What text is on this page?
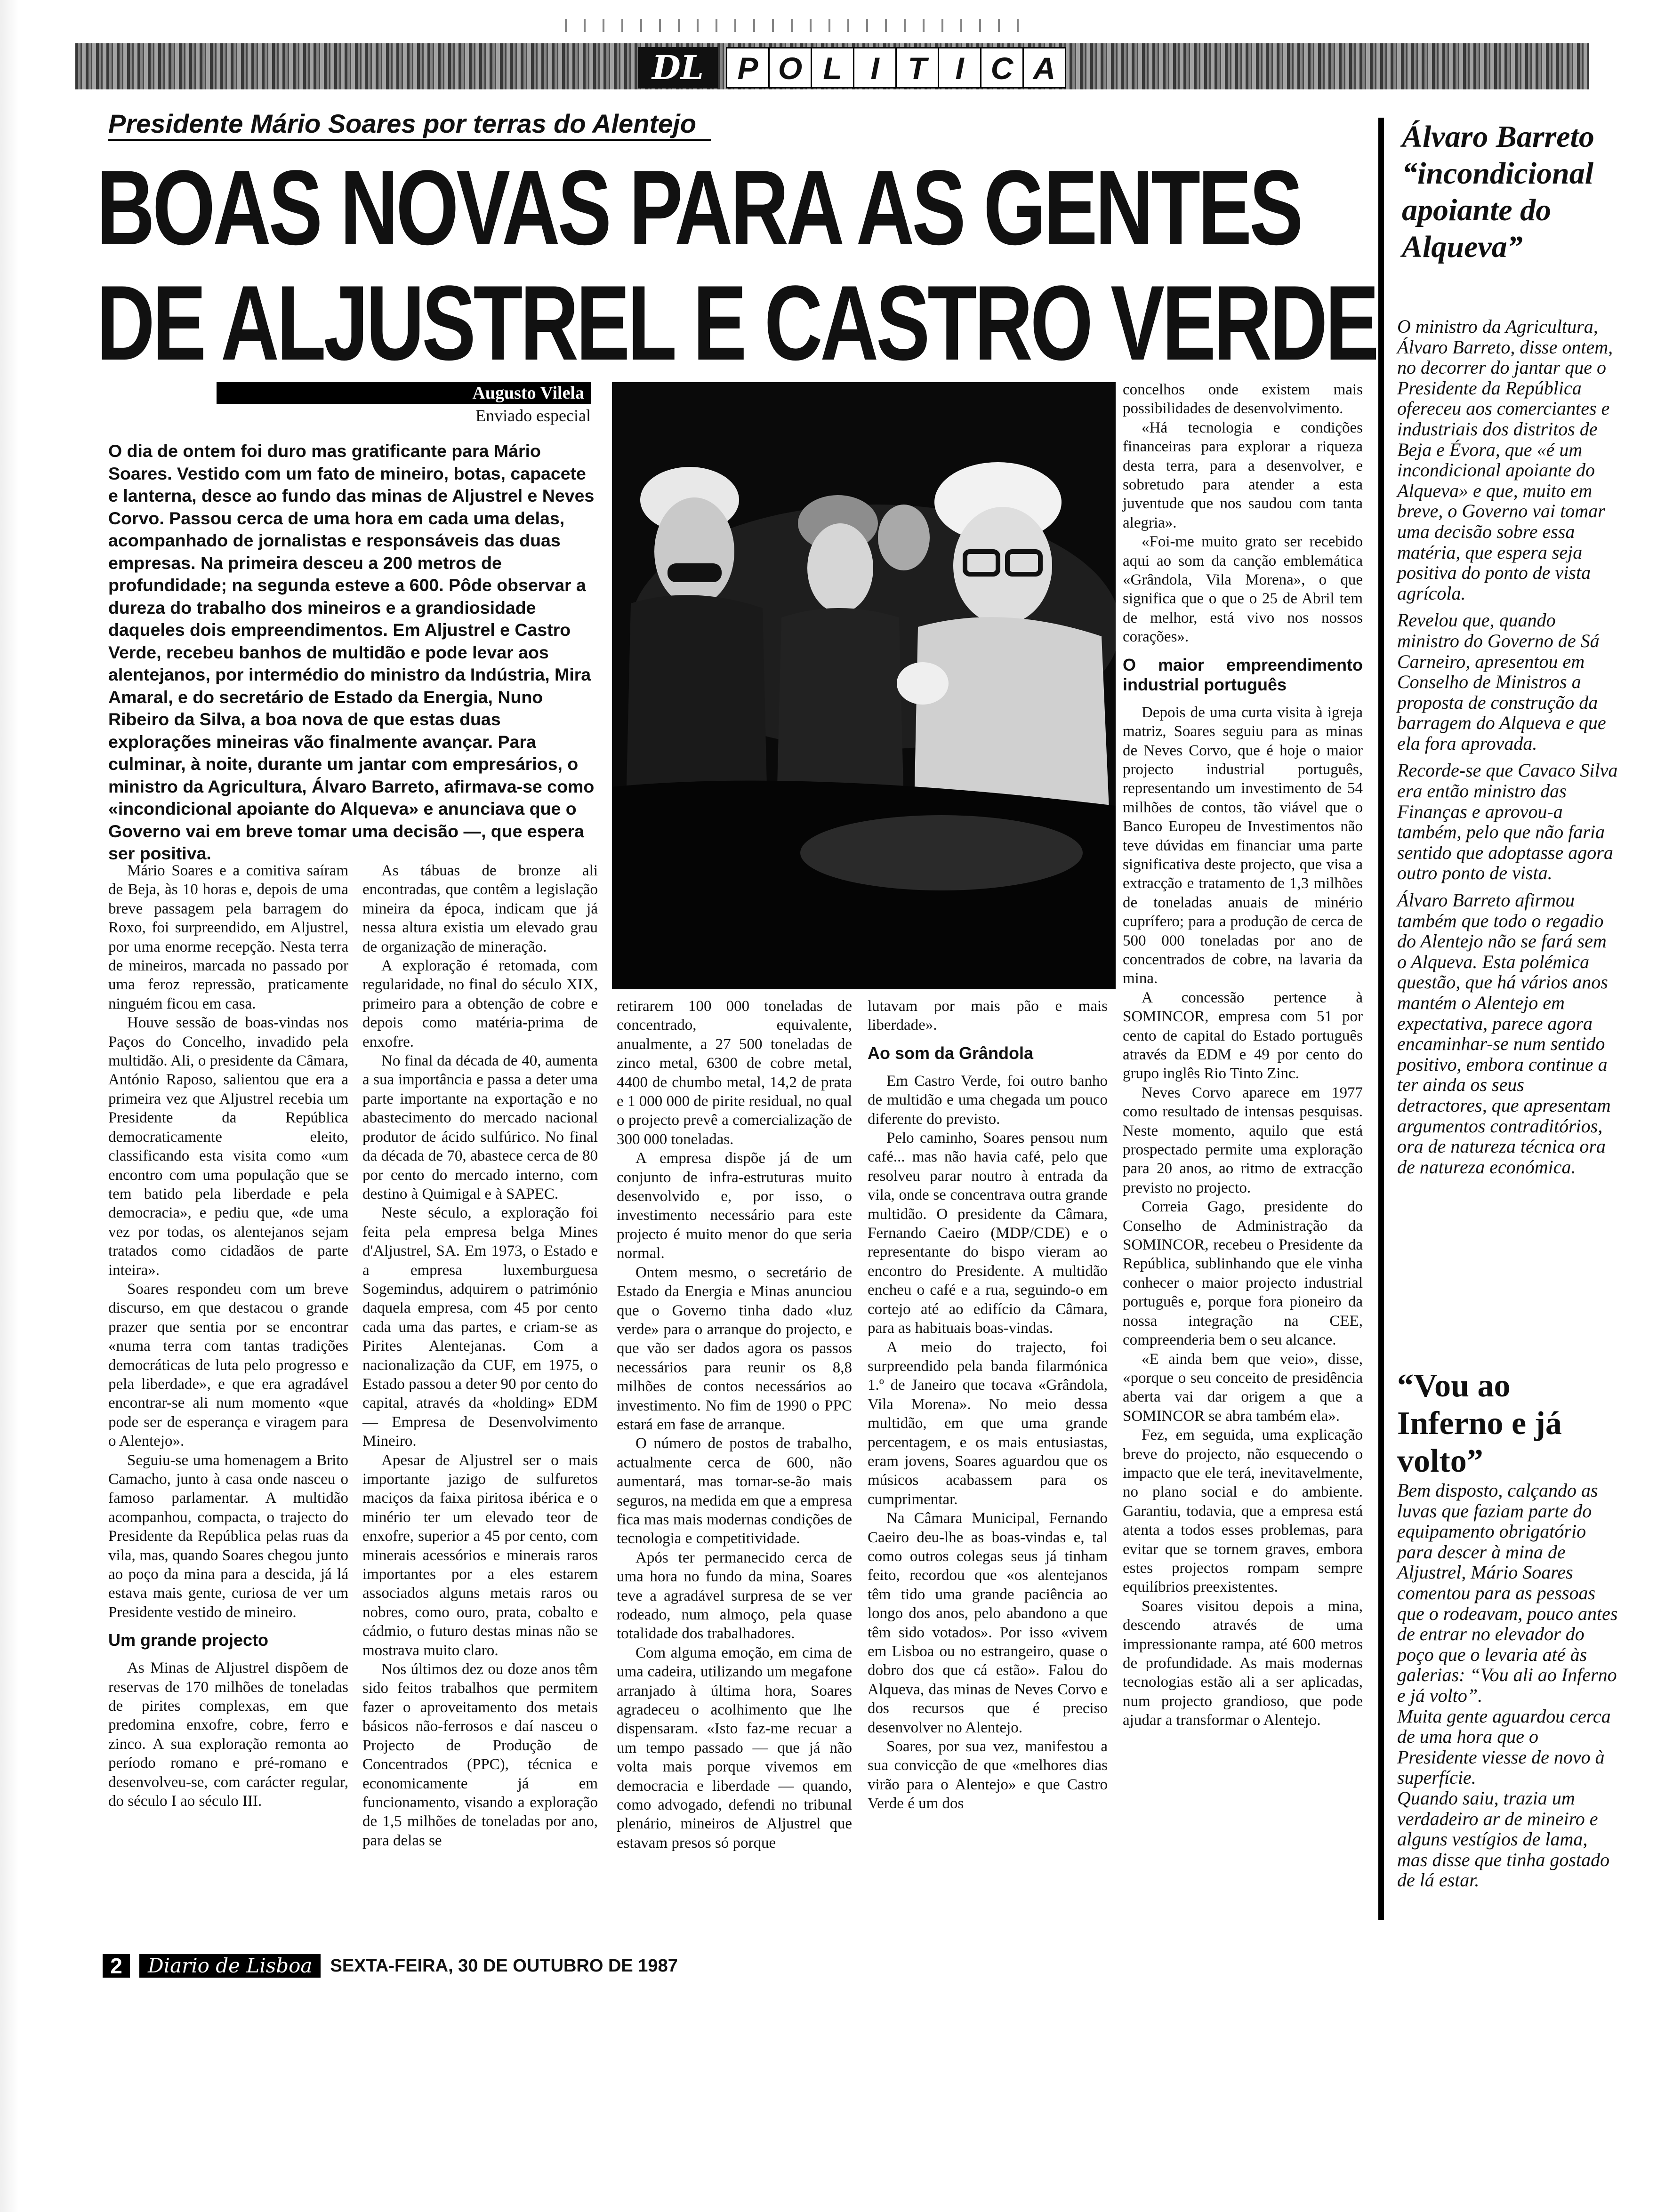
DL	P O L I T I C A
Presidente Mário Soares por terras do Alentejo
BOAS NOVAS PARA AS GENTES
DE ALJUSTREL E CASTRO VERDE
Augusto Vilela
Enviado especial
O dia de ontem foi duro mas gratificante para Mário Soares. Vestido com um fato de mineiro, botas, capacete e lanterna, desce ao fundo das minas de Aljustrel e Neves Corvo. Passou cerca de uma hora em cada uma delas, acompanhado de jornalistas e responsáveis das duas empresas. Na primeira desceu a 200 metros de profundidade; na segunda esteve a 600. Pôde observar a dureza do trabalho dos mineiros e a grandiosidade daqueles dois empreendimentos. Em Aljustrel e Castro Verde, recebeu banhos de multidão e pode levar aos alentejanos, por intermédio do ministro da Indústria, Mira Amaral, e do secretário de Estado da Energia, Nuno Ribeiro da Silva, a boa nova de que estas duas explorações mineiras vão finalmente avançar. Para culminar, à noite, durante um jantar com empresários, o ministro da Agricultura, Álvaro Barreto, afirmava-se como «incondicional apoiante do Alqueva» e anunciava que o Governo vai em breve tomar uma decisão —, que espera ser positiva.

Mário Soares e a comitiva saíram de Beja, às 10 horas e, depois de uma breve passagem pela barragem do Roxo, foi surpreendido, em Aljustrel, por uma enorme recepção. Nesta terra de mineiros, marcada no passado por uma feroz repressão, praticamente ninguém ficou em casa.

Houve sessão de boas-vindas nos Paços do Concelho, invadido pela multidão. Ali, o presidente da Câmara, António Raposo, salientou que era a primeira vez que Aljustrel recebia um Presidente da República democraticamente eleito, classificando esta visita como «um encontro com uma população que se tem batido pela liberdade e pela democracia», e pediu que, «de uma vez por todas, os alentejanos sejam tratados como cidadãos de parte inteira».

Soares respondeu com um breve discurso, em que destacou o grande prazer que sentia por se encontrar «numa terra com tantas tradições democráticas de luta pelo progresso e pela liberdade», e que era agradável encontrar-se ali num momento «que pode ser de esperança e viragem para o Alentejo».

Seguiu-se uma homenagem a Brito Camacho, junto à casa onde nasceu o famoso parlamentar. A multidão acompanhou, compacta, o trajecto do Presidente da República pelas ruas da vila, mas, quando Soares chegou junto ao poço da mina para a descida, já lá estava mais gente, curiosa de ver um Presidente vestido de mineiro.

Um grande projecto

As Minas de Aljustrel dispõem de reservas de 170 milhões de toneladas de pirites complexas, em que predomina enxofre, cobre, ferro e zinco. A sua exploração remonta ao período romano e pré-romano e desenvolveu-se, com carácter regular, do século I ao século III.

As tábuas de bronze ali encontradas, que contêm a legislação mineira da época, indicam que já nessa altura existia um elevado grau de organização de mineração.

A exploração é retomada, com regularidade, no final do século XIX, primeiro para a obtenção de cobre e depois como matéria-prima de enxofre.

No final da década de 40, aumenta a sua importância e passa a deter uma parte importante na exportação e no abastecimento do mercado nacional produtor de ácido sulfúrico. No final da década de 70, abastece cerca de 80 por cento do mercado interno, com destino à Quimigal e à SAPEC.

Neste século, a exploração foi feita pela empresa belga Mines d'Aljustrel, SA. Em 1973, o Estado e a empresa luxemburguesa Sogemindus, adquirem o património daquela empresa, com 45 por cento cada uma das partes, e criam-se as Pirites Alentejanas. Com a nacionalização da CUF, em 1975, o Estado passou a deter 90 por cento do capital, através da «holding» EDM — Empresa de Desenvolvimento Mineiro.

Apesar de Aljustrel ser o mais importante jazigo de sulfuretos maciços da faixa piritosa ibérica e o minério ter um elevado teor de enxofre, superior a 45 por cento, com minerais acessórios e minerais raros importantes por a eles estarem associados alguns metais raros ou nobres, como ouro, prata, cobalto e cádmio, o futuro destas minas não se mostrava muito claro.

Nos últimos dez ou doze anos têm sido feitos trabalhos que permitem fazer o aproveitamento dos metais básicos não-ferrosos e daí nasceu o Projecto de Produção de Concentrados (PPC), técnica e economicamente já em funcionamento, visando a exploração de 1,5 milhões de toneladas por ano, para delas se

retirarem 100 000 toneladas de concentrado, equivalente, anualmente, a 27 500 toneladas de zinco metal, 6300 de cobre metal, 4400 de chumbo metal, 14,2 de prata e 1 000 000 de pirite residual, no qual o projecto prevê a comercialização de 300 000 toneladas.

A empresa dispõe já de um conjunto de infra-estruturas muito desenvolvido e, por isso, o investimento necessário para este projecto é muito menor do que seria normal.

Ontem mesmo, o secretário de Estado da Energia e Minas anunciou que o Governo tinha dado «luz verde» para o arranque do projecto, e que vão ser dados agora os passos necessários para reunir os 8,8 milhões de contos necessários ao investimento. No fim de 1990 o PPC estará em fase de arranque.

O número de postos de trabalho, actualmente cerca de 600, não aumentará, mas tornar-se-ão mais seguros, na medida em que a empresa fica mas mais modernas condições de tecnologia e competitividade.

Após ter permanecido cerca de uma hora no fundo da mina, Soares teve a agradável surpresa de se ver rodeado, num almoço, pela quase totalidade dos trabalhadores.

Com alguma emoção, em cima de uma cadeira, utilizando um megafone arranjado à última hora, Soares agradeceu o acolhimento que lhe dispensaram. «Isto faz-me recuar a um tempo passado — que já não volta mais porque vivemos em democracia e liberdade — quando, como advogado, defendi no tribunal plenário, mineiros de Aljustrel que estavam presos só porque

lutavam por mais pão e mais liberdade».

Ao som da Grândola

Em Castro Verde, foi outro banho de multidão e uma chegada um pouco diferente do previsto.

Pelo caminho, Soares pensou num café... mas não havia café, pelo que resolveu parar noutro à entrada da vila, onde se concentrava outra grande multidão. O presidente da Câmara, Fernando Caeiro (MDP/CDE) e o representante do bispo vieram ao encontro do Presidente. A multidão encheu o café e a rua, seguindo-o em cortejo até ao edifício da Câmara, para as habituais boas-vindas.

A meio do trajecto, foi surpreendido pela banda filarmónica 1.º de Janeiro que tocava «Grândola, Vila Morena». No meio dessa multidão, em que uma grande percentagem, e os mais entusiastas, eram jovens, Soares aguardou que os músicos acabassem para os cumprimentar.

Na Câmara Municipal, Fernando Caeiro deu-lhe as boas-vindas e, tal como outros colegas seus já tinham feito, recordou que «os alentejanos têm tido uma grande paciência ao longo dos anos, pelo abandono a que têm sido votados». Por isso «vivem em Lisboa ou no estrangeiro, quase o dobro dos que cá estão». Falou do Alqueva, das minas de Neves Corvo e dos recursos que é preciso desenvolver no Alentejo.

Soares, por sua vez, manifestou a sua convicção de que «melhores dias virão para o Alentejo» e que Castro Verde é um dos

concelhos onde existem mais possibilidades de desenvolvimento.

«Há tecnologia e condições financeiras para explorar a riqueza desta terra, para a desenvolver, e sobretudo para atender a esta juventude que nos saudou com tanta alegria».

«Foi-me muito grato ser recebido aqui ao som da canção emblemática «Grândola, Vila Morena», o que significa que o que o 25 de Abril tem de melhor, está vivo nos nossos corações».

O maior empreendimento industrial português

Depois de uma curta visita à igreja matriz, Soares seguiu para as minas de Neves Corvo, que é hoje o maior projecto industrial português, representando um investimento de 54 milhões de contos, tão viável que o Banco Europeu de Investimentos não teve dúvidas em financiar uma parte significativa deste projecto, que visa a extracção e tratamento de 1,3 milhões de toneladas anuais de minério cuprífero; para a produção de cerca de 500 000 toneladas por ano de concentrados de cobre, na lavaria da mina.

A concessão pertence à SOMINCOR, empresa com 51 por cento de capital do Estado português através da EDM e 49 por cento do grupo inglês Rio Tinto Zinc.

Neves Corvo aparece em 1977 como resultado de intensas pesquisas. Neste momento, aquilo que está prospectado permite uma exploração para 20 anos, ao ritmo de extracção previsto no projecto.

Correia Gago, presidente do Conselho de Administração da SOMINCOR, recebeu o Presidente da República, sublinhando que ele vinha conhecer o maior projecto industrial português e, porque fora pioneiro da nossa integração na CEE, compreenderia bem o seu alcance.

«E ainda bem que veio», disse, «porque o seu conceito de presidência aberta vai dar origem a que a SOMINCOR se abra também ela».

Fez, em seguida, uma explicação breve do projecto, não esquecendo o impacto que ele terá, inevitavelmente, no plano social e do ambiente. Garantiu, todavia, que a empresa está atenta a todos esses problemas, para evitar que se tornem graves, embora estes projectos rompam sempre equilíbrios preexistentes.

Soares visitou depois a mina, descendo através de uma impressionante rampa, até 600 metros de profundidade. As mais modernas tecnologias estão ali a ser aplicadas, num projecto grandioso, que pode ajudar a transformar o Alentejo.

Álvaro Barreto “incondicional apoiante do Alqueva”

O ministro da Agricultura, Álvaro Barreto, disse ontem, no decorrer do jantar que o Presidente da República ofereceu aos comerciantes e industriais dos distritos de Beja e Évora, que «é um incondicional apoiante do Alqueva» e que, muito em breve, o Governo vai tomar uma decisão sobre essa matéria, que espera seja positiva do ponto de vista agrícola.

Revelou que, quando ministro do Governo de Sá Carneiro, apresentou em Conselho de Ministros a proposta de construção da barragem do Alqueva e que ela fora aprovada.

Recorde-se que Cavaco Silva era então ministro das Finanças e aprovou-a também, pelo que não faria sentido que adoptasse agora outro ponto de vista.

Álvaro Barreto afirmou também que todo o regadio do Alentejo não se fará sem o Alqueva. Esta polémica questão, que há vários anos mantém o Alentejo em expectativa, parece agora encaminhar-se num sentido positivo, embora continue a ter ainda os seus detractores, que apresentam argumentos contraditórios, ora de natureza técnica ora de natureza económica.

“Vou ao Inferno e já volto”

Bem disposto, calçando as luvas que faziam parte do equipamento obrigatório para descer à mina de Aljustrel, Mário Soares comentou para as pessoas que o rodeavam, pouco antes de entrar no elevador do poço que o levaria até às galerias: “Vou ali ao Inferno e já volto”.

Muita gente aguardou cerca de uma hora que o Presidente viesse de novo à superfície.

Quando saiu, trazia um verdadeiro ar de mineiro e alguns vestígios de lama, mas disse que tinha gostado de lá estar.

2	Diario de Lisboa	SEXTA-FEIRA, 30 DE OUTUBRO DE 1987
